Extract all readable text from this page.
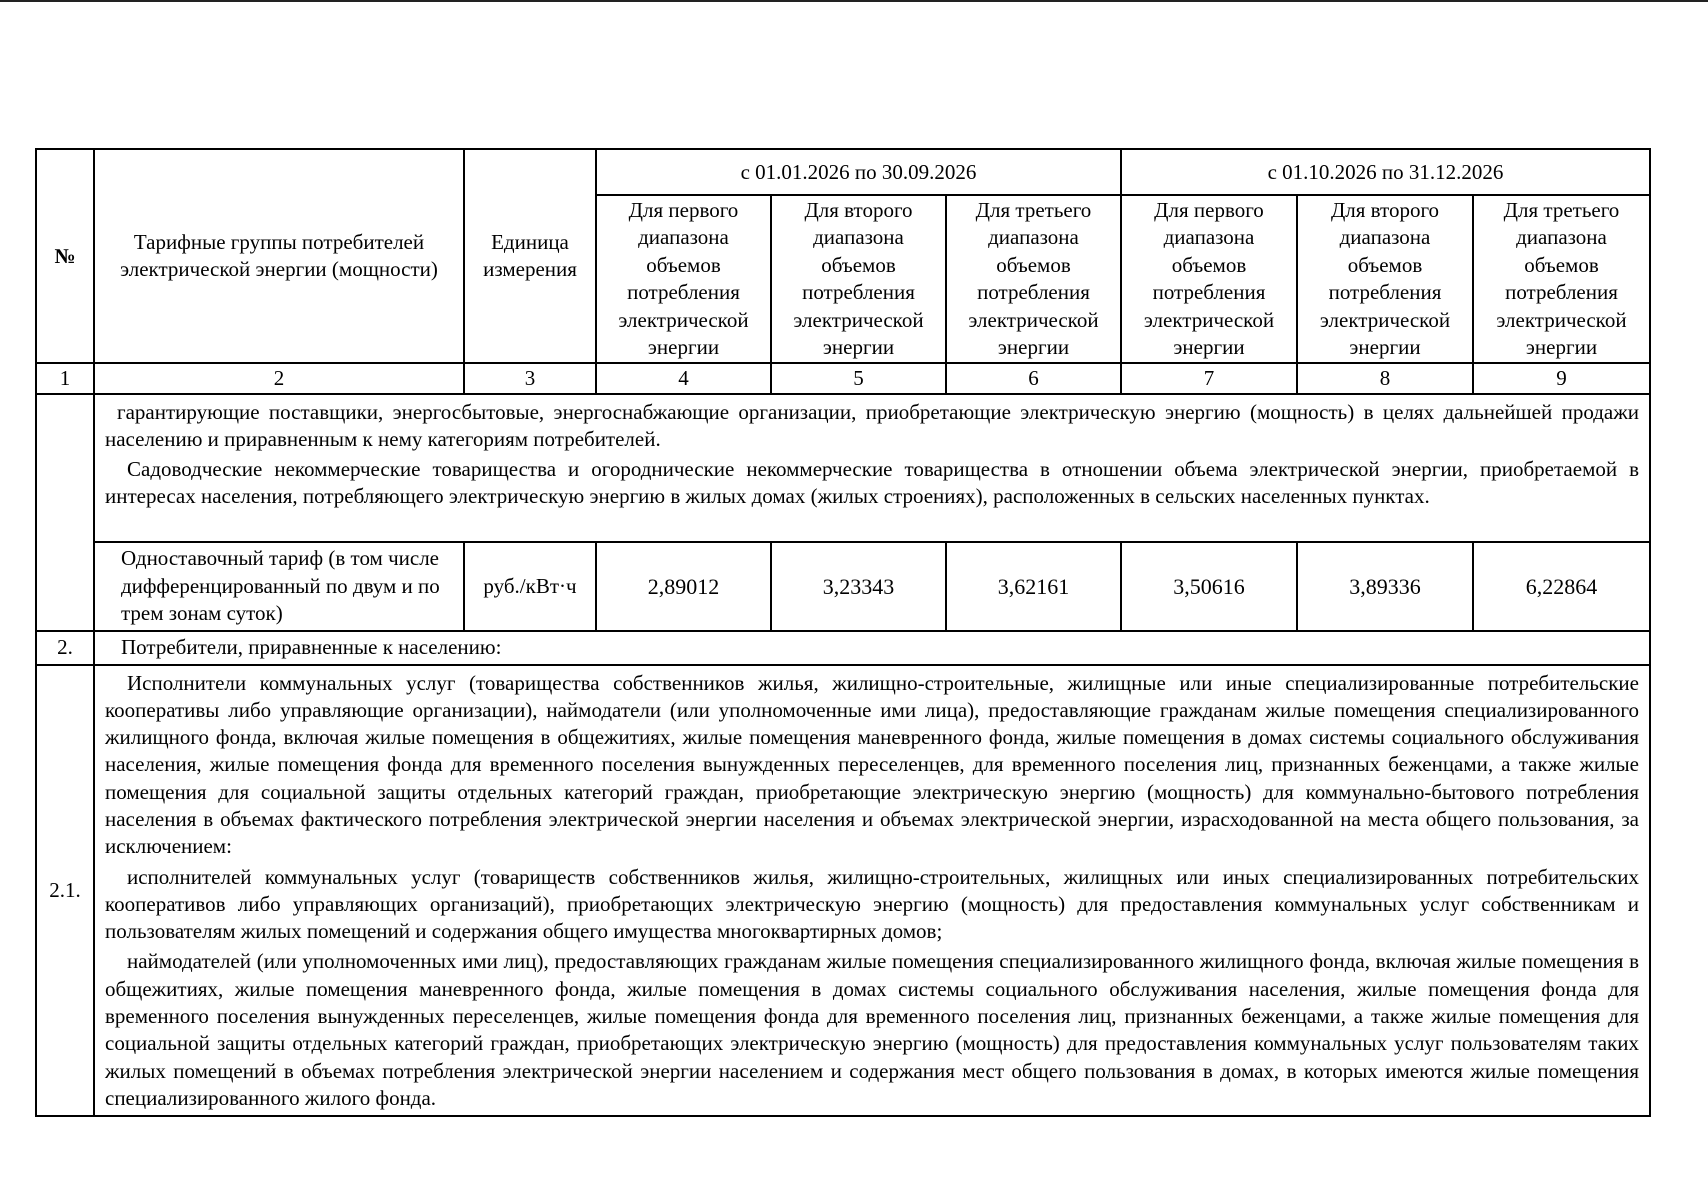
№	Тарифные группы потребителей электрической энергии (мощности)	Единица измерения	с 01.01.2026 по 30.09.2026			с 01.10.2026 по 31.12.2026		
			Для первого диапазона объемов потребления электрической энергии	Для второго диапазона объемов потребления электрической энергии	Для третьего диапазона объемов потребления электрической энергии	Для первого диапазона объемов потребления электрической энергии	Для второго диапазона объемов потребления электрической энергии	Для третьего диапазона объемов потребления электрической энергии
1	2	3	4	5	6	7	8	9

	гарантирующие поставщики, энергосбытовые, энергоснабжающие организации, приобретающие электрическую энергию (мощность) в целях дальнейшей продажи населению и приравненным к нему категориям потребителей.

Садоводческие некоммерческие товарищества и огороднические некоммерческие товарищества в отношении объема электрической энергии, приобретаемой в интересах населения, потребляющего электрическую энергию в жилых домах (жилых строениях), расположенных в сельских населенных пунктах.							

	Одноставочный тариф (в том числе дифференцированный по двум и по трем зонам суток)	руб./кВт·ч	2,89012	3,23343	3,62161	3,50616	3,89336	6,22864
2.	Потребители, приравненные к населению:							
2.1.	Исполнители коммунальных услуг (товарищества собственников жилья, жилищно-строительные, жилищные или иные специализированные потребительские кооперативы либо управляющие организации), наймодатели (или уполномоченные ими лица), предоставляющие гражданам жилые помещения специализированного жилищного фонда, включая жилые помещения в общежитиях, жилые помещения маневренного фонда, жилые помещения в домах системы социального обслуживания населения, жилые помещения фонда для временного поселения вынужденных переселенцев, для временного поселения лиц, признанных беженцами, а также жилые помещения для социальной защиты отдельных категорий граждан, приобретающие электрическую энергию (мощность) для коммунально-бытового потребления населения в объемах фактического потребления электрической энергии населения и объемах электрической энергии, израсходованной на места общего пользования, за исключением:

исполнителей коммунальных услуг (товариществ собственников жилья, жилищно-строительных, жилищных или иных специализированных потребительских кооперативов либо управляющих организаций), приобретающих электрическую энергию (мощность) для предоставления коммунальных услуг собственникам и пользователям жилых помещений и содержания общего имущества многоквартирных домов;

наймодателей (или уполномоченных ими лиц), предоставляющих гражданам жилые помещения специализированного жилищного фонда, включая жилые помещения в общежитиях, жилые помещения маневренного фонда, жилые помещения в домах системы социального обслуживания населения, жилые помещения фонда для временного поселения вынужденных переселенцев, жилые помещения фонда для временного поселения лиц, признанных беженцами, а также жилые помещения для социальной защиты отдельных категорий граждан, приобретающих электрическую энергию (мощность) для предоставления коммунальных услуг пользователям таких жилых помещений в объемах потребления электрической энергии населением и содержания мест общего пользования в домах, в которых имеются жилые помещения специализированного жилого фонда.							
